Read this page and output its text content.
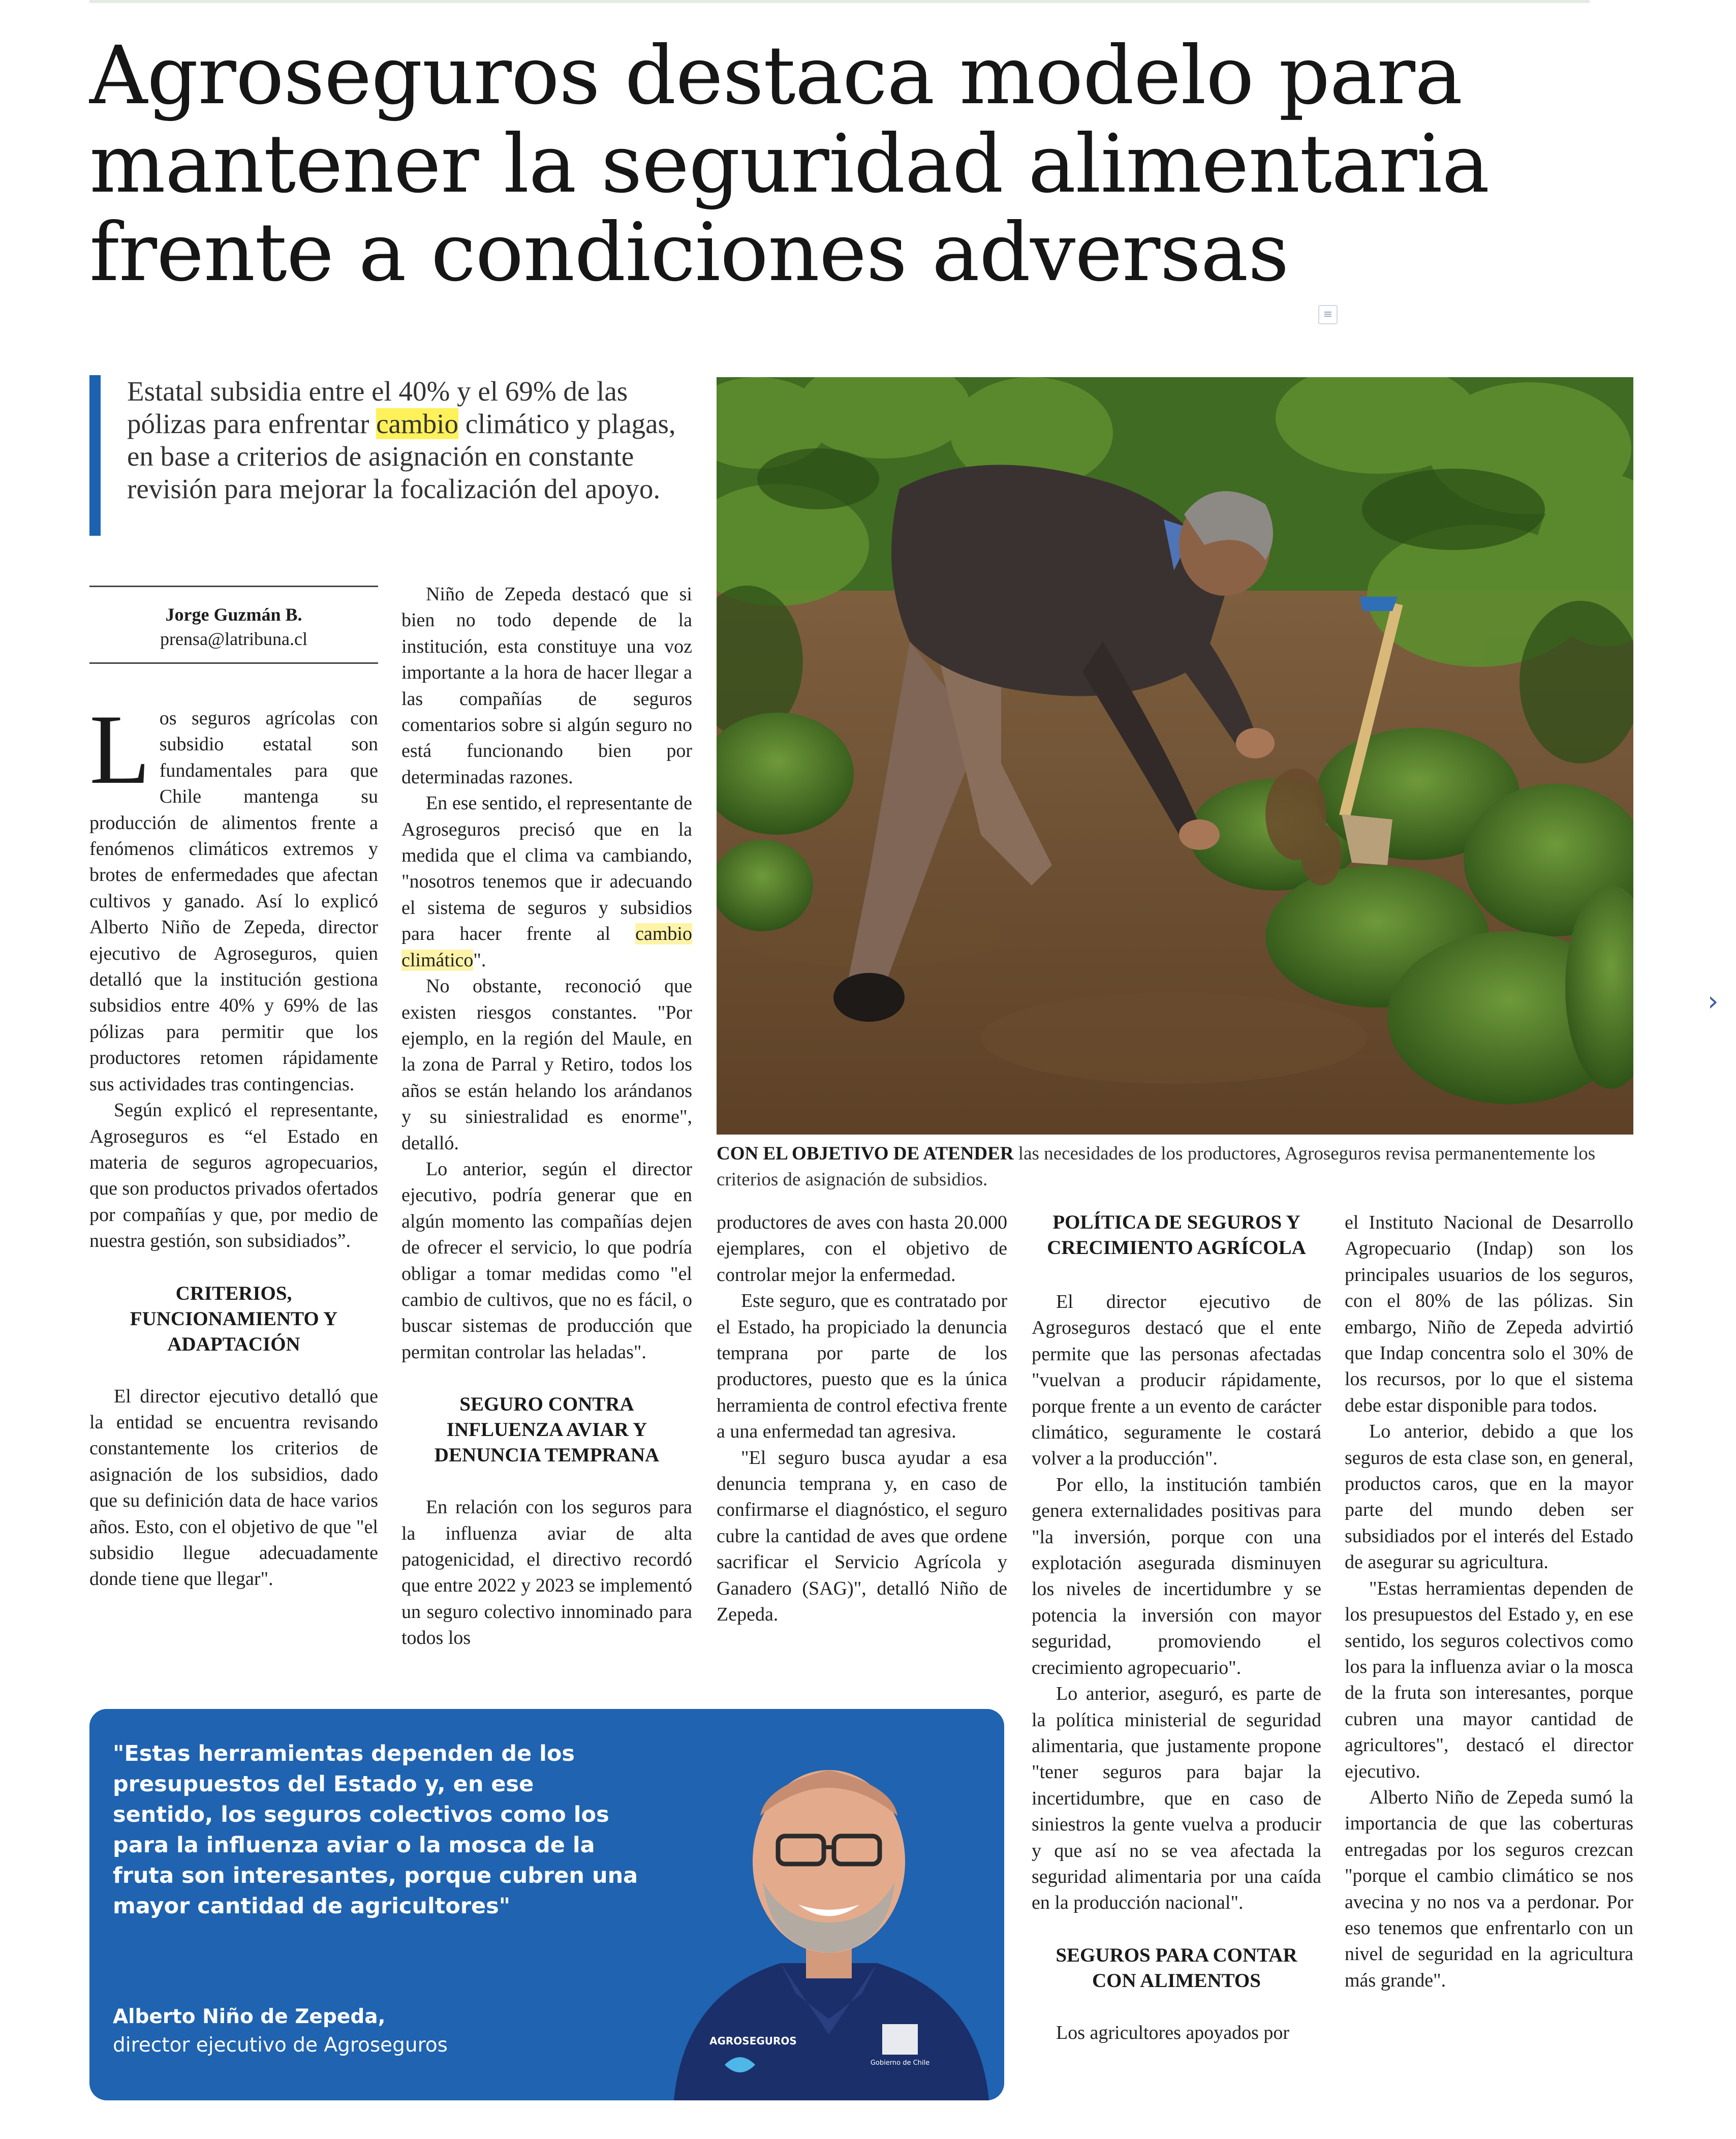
Agroseguros destaca modelo para mantener la seguridad alimentaria frente a condiciones adversas
≡
Estatal subsidia entre el 40% y el 69% de las pólizas para enfrentar cambio climático y plagas, en base a criterios de asignación en constante revisión para mejorar la focalización del apoyo.
Jorge Guzmán B.
prensa@latribuna.cl

Los seguros agrícolas con subsidio estatal son fundamentales para que Chile mantenga su producción de alimentos frente a fenómenos climáticos extremos y brotes de enfermedades que afectan cultivos y ganado. Así lo explicó Alberto Niño de Zepeda, director ejecutivo de Agroseguros, quien detalló que la institución gestiona subsidios entre 40% y 69% de las pólizas para permitir que los productores retomen rápidamente sus actividades tras contingencias.

Según explicó el representante, Agroseguros es “el Estado en materia de seguros agropecuarios, que son productos privados ofertados por compañías y que, por medio de nuestra gestión, son subsidiados”.

CRITERIOS, FUNCIONAMIENTO Y ADAPTACIÓN

El director ejecutivo detalló que la entidad se encuentra revisando constantemente los criterios de asignación de los subsidios, dado que su definición data de hace varios años. Esto, con el objetivo de que "el subsidio llegue adecuadamente donde tiene que llegar".

Niño de Zepeda destacó que si bien no todo depende de la institución, esta constituye una voz importante a la hora de hacer llegar a las compañías de seguros comentarios sobre si algún seguro no está funcionando bien por determinadas razones.

En ese sentido, el representante de Agroseguros precisó que en la medida que el clima va cambiando, "nosotros tenemos que ir adecuando el sistema de seguros y subsidios para hacer frente al cambio climático".

No obstante, reconoció que existen riesgos constantes. "Por ejemplo, en la región del Maule, en la zona de Parral y Retiro, todos los años se están helando los arándanos y su siniestralidad es enorme", detalló.

Lo anterior, según el director ejecutivo, podría generar que en algún momento las compañías dejen de ofrecer el servicio, lo que podría obligar a tomar medidas como "el cambio de cultivos, que no es fácil, o buscar sistemas de producción que permitan controlar las heladas".

SEGURO CONTRA INFLUENZA AVIAR Y DENUNCIA TEMPRANA

En relación con los seguros para la influenza aviar de alta patogenicidad, el directivo recordó que entre 2022 y 2023 se implementó un seguro colectivo innominado para todos los

CON EL OBJETIVO DE ATENDER las necesidades de los productores, Agroseguros revisa permanentemente los criterios de asignación de subsidios.

productores de aves con hasta 20.000 ejemplares, con el objetivo de controlar mejor la enfermedad.

Este seguro, que es contratado por el Estado, ha propiciado la denuncia temprana por parte de los productores, puesto que es la única herramienta de control efectiva frente a una enfermedad tan agresiva.

"El seguro busca ayudar a esa denuncia temprana y, en caso de confirmarse el diagnóstico, el seguro cubre la cantidad de aves que ordene sacrificar el Servicio Agrícola y Ganadero (SAG)", detalló Niño de Zepeda.

POLÍTICA DE SEGUROS Y CRECIMIENTO AGRÍCOLA

El director ejecutivo de Agroseguros destacó que el ente permite que las personas afectadas "vuelvan a producir rápidamente, porque frente a un evento de carácter climático, seguramente le costará volver a la producción".

Por ello, la institución también genera externalidades positivas para "la inversión, porque con una explotación asegurada disminuyen los niveles de incertidumbre y se potencia la inversión con mayor seguridad, promoviendo el crecimiento agropecuario".

Lo anterior, aseguró, es parte de la política ministerial de seguridad alimentaria, que justamente propone "tener seguros para bajar la incertidumbre, que en caso de siniestros la gente vuelva a producir y que así no se vea afectada la seguridad alimentaria por una caída en la producción nacional".

SEGUROS PARA CONTAR CON ALIMENTOS

Los agricultores apoyados por

el Instituto Nacional de Desarrollo Agropecuario (Indap) son los principales usuarios de los seguros, con el 80% de las pólizas. Sin embargo, Niño de Zepeda advirtió que Indap concentra solo el 30% de los recursos, por lo que el sistema debe estar disponible para todos.

Lo anterior, debido a que los seguros de esta clase son, en general, productos caros, que en la mayor parte del mundo deben ser subsidiados por el interés del Estado de asegurar su agricultura.

"Estas herramientas dependen de los presupuestos del Estado y, en ese sentido, los seguros colectivos como los para la influenza aviar o la mosca de la fruta son interesantes, porque cubren una mayor cantidad de agricultores", destacó el director ejecutivo.

Alberto Niño de Zepeda sumó la importancia de que las coberturas entregadas por los seguros crezcan "porque el cambio climático se nos avecina y no nos va a perdonar. Por eso tenemos que enfrentarlo con un nivel de seguridad en la agricultura más grande".

"Estas herramientas dependen de los presupuestos del Estado y, en ese sentido, los seguros colectivos como los para la influenza aviar o la mosca de la fruta son interesantes, porque cubren una mayor cantidad de agricultores"

Alberto Niño de Zepeda,
director ejecutivo de Agroseguros	AGROSEGUROS
Gobierno de Chile
›
